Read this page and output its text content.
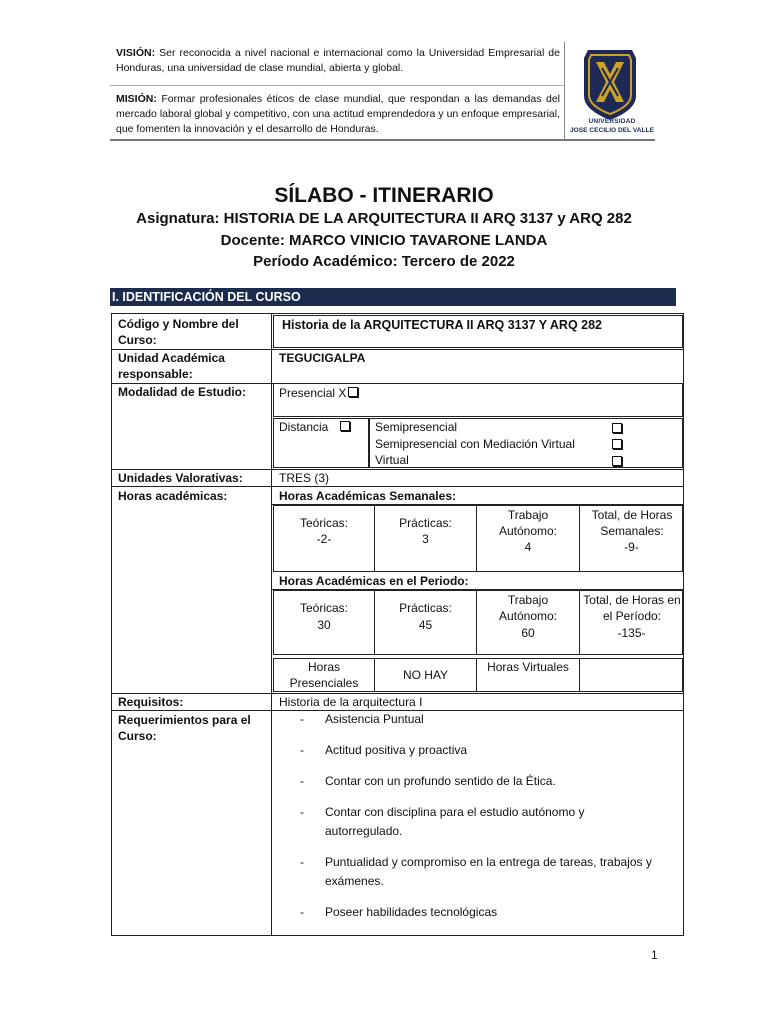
VISIÓN: Ser reconocida a nivel nacional e internacional como la Universidad Empresarial de Honduras, una universidad de clase mundial, abierta y global.
MISIÓN: Formar profesionales éticos de clase mundial, que respondan a las demandas del mercado laboral global y competitivo, con una actitud emprendedora y un enfoque empresarial, que fomenten la innovación y el desarrollo de Honduras.
UNIVERSIDAD
JOSE CECILIO DEL VALLE
SÍLABO - ITINERARIO
Asignatura: HISTORIA DE LA ARQUITECTURA II ARQ 3137 y ARQ 282
Docente: MARCO VINICIO TAVARONE LANDA
Período Académico: Tercero de 2022
I. IDENTIFICACIÓN DEL CURSO
Código y Nombre del Curso:
Unidad Académica responsable:
Modalidad de Estudio:
Unidades Valorativas:
Horas académicas:
Requisitos:
Requerimientos para el Curso:
Historia de la ARQUITECTURA II ARQ 3137 Y ARQ 282
TEGUCIGALPA
Presencial X
Distancia	Semipresencial
Semipresencial con Mediación Virtual
Virtual
TRES (3)
Horas Académicas Semanales:
Teóricas:
-2-
Prácticas:
3
Trabajo Autónomo:
4
Total, de Horas Semanales:
-9-
Horas Académicas en el Periodo:
Teóricas:
30
Prácticas:
45
Trabajo Autónomo:
60
Total, de Horas en el Período:
-135-
Horas Presenciales
NO HAY
Horas Virtuales
Historia de la arquitectura I
- Asistencia Puntual
- Actitud positiva y proactiva
- Contar con un profundo sentido de la Ética.
- Contar con disciplina para el estudio autónomo y autorregulado.
- Puntualidad y compromiso en la entrega de tareas, trabajos y exámenes.
- Poseer habilidades tecnológicas
1
